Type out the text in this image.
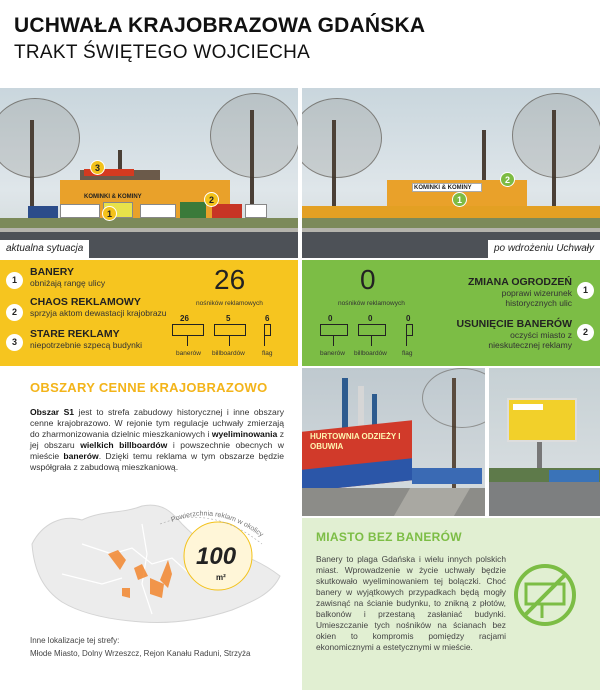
UCHWAŁA KRAJOBRAZOWA GDAŃSKA
TRAKT ŚWIĘTEGO WOJCIECHA
KOMINKI & KOMINY
3
2
1
aktualna sytuacja
KOMINKI & KOMINY
2
1
po wdrożeniu Uchwały
1
BANERY
obniżają rangę ulicy
2
CHAOS REKLAMOWY
sprzyja aktom dewastacji krajobrazu
3
STARE REKLAMY
niepotrzebnie szpecą budynki
26
nośników reklamowych
26
banerów
5
billboardów
6
flag
0
nośników reklamowych
0
banerów
0
billboardów
0
flag
ZMIANA OGRODZEŃ
poprawi wizerunek historycznych ulic
1
USUNIĘCIE BANERÓW
oczyści miasto z nieskutecznej reklamy
2
OBSZARY CENNE KRAJOBRAZOWO
Obszar S1 jest to strefa zabudowy historycznej i inne obszary cenne krajobrazowo. W rejonie tym regulacje uchwały zmierzają do zharmonizowania dzielnic mieszkaniowych i wyeliminowania z jej obszaru wielkich billboardów i powszechnie obecnych w mieście banerów. Dzięki temu reklama w tym obszarze będzie współgrała z zabudową mieszkaniową.
Powierzchnia reklam w okolicy
100
m²
Inne lokalizacje tej strefy:
Młode Miasto, Dolny Wrzeszcz, Rejon Kanału Raduni, Strzyża
HURTOWNIA ODZIEŻY I OBUWIA
MIASTO BEZ BANERÓW
Banery to plaga Gdańska i wielu innych polskich miast. Wprowadzenie w życie uchwały będzie skutkowało wyeliminowaniem tej bolączki. Choć banery w wyjątkowych przypadkach będą mogły zawisnąć na ścianie budynku, to znikną z płotów, balkonów i przestaną zasłaniać budynki. Umieszczanie tych nośników na ścianach bez okien to kompromis pomiędzy racjami ekonomicznymi a estetycznymi w mieście.
